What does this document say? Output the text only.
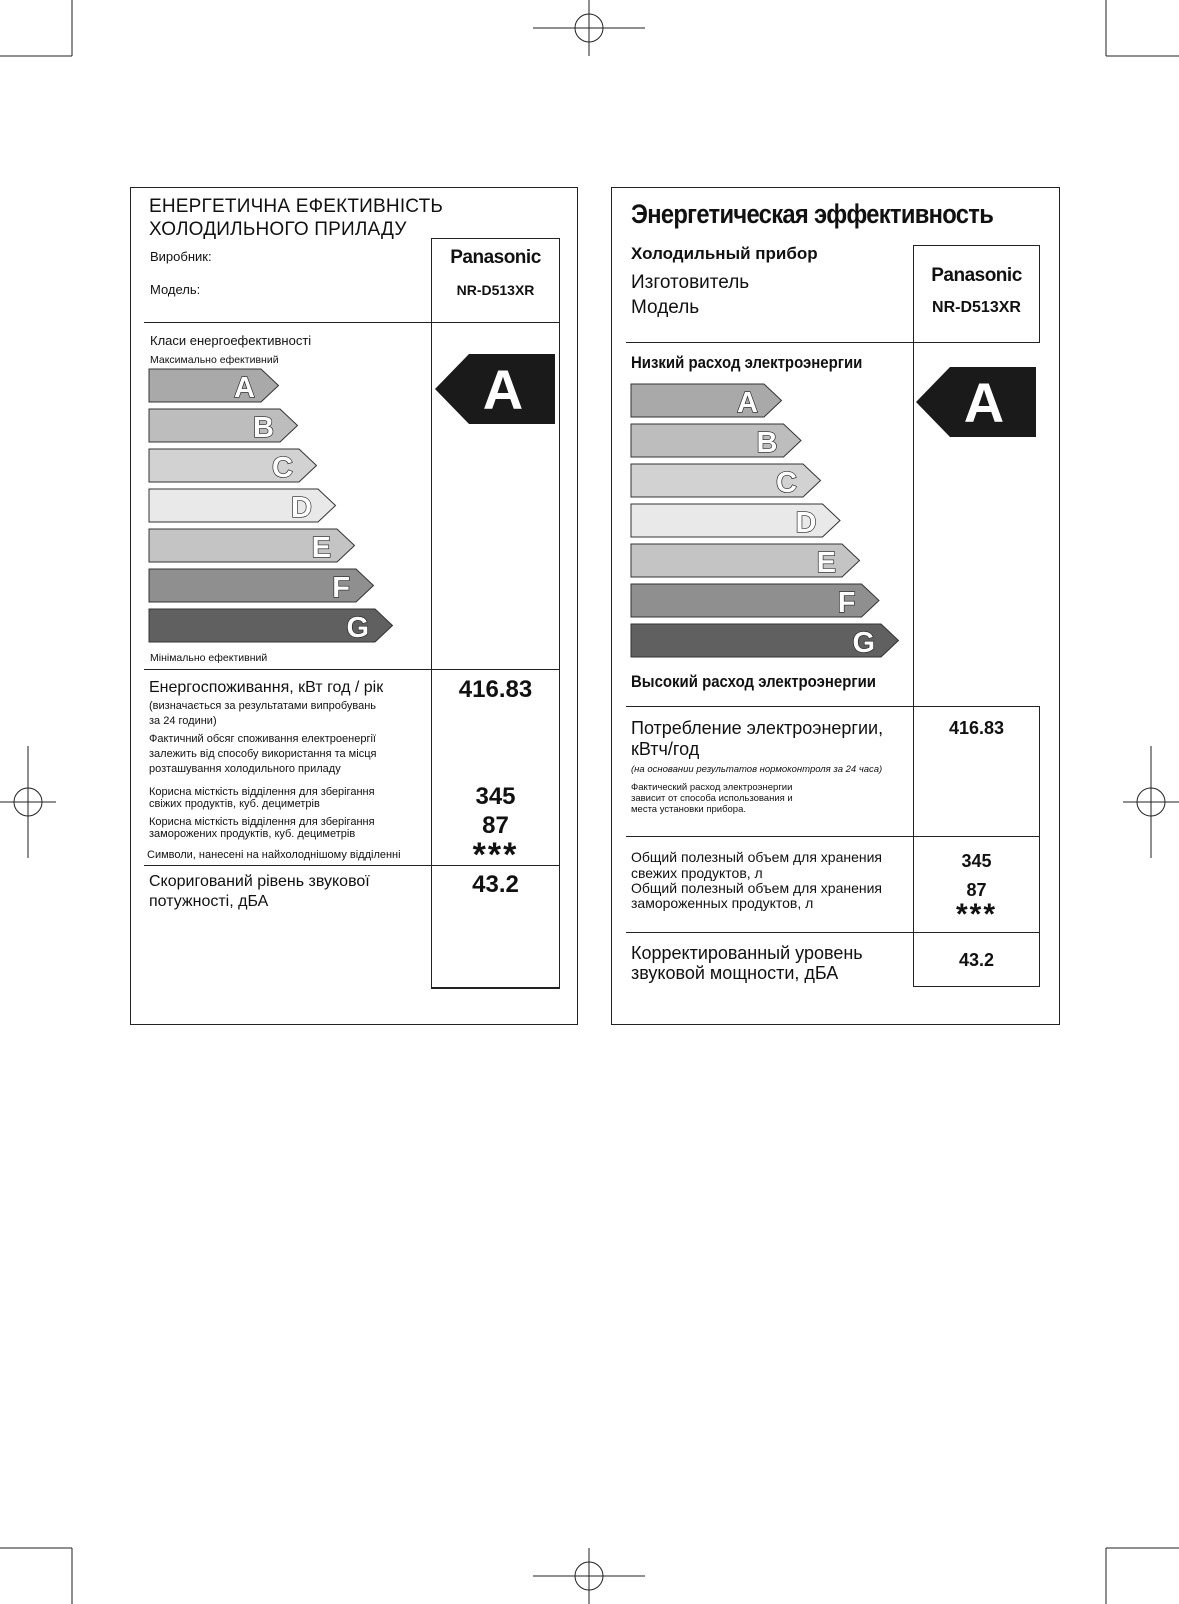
ЕНЕРГЕТИЧНА ЕФЕКТИВНІСТЬ
ХОЛОДИЛЬНОГО ПРИЛАДУ
Виробник:
Модель:
Panasonic
NR-D513XR
Класи енергоефективності
Максимально ефективний
A
B
C
D
E
F
G
Мінімально ефективний
A
Енергоспоживання, кВт год / рік
(визначається за результатами випробувань
за 24 години)
Фактичний обсяг споживання електроенергії
залежить від способу використання та місця
розташування холодильного приладу
416.83
Корисна місткість відділення для зберігання
свіжих продуктів, куб. дециметрів
Корисна місткість відділення для зберігання
заморожених продуктів, куб. дециметрів
Символи, нанесені на найхолоднішому відділенні
345
87
***
Скоригований рівень звукової
потужності, дБА
43.2
Энергетическая эффективность
Холодильный прибор
Изготовитель
Модель
Panasonic
NR-D513XR
Низкий расход электроэнергии
A
B
C
D
E
F
G
Высокий расход электроэнергии
A
Потребление электроэнергии,
кВтч/год
(на основании результатов нормоконтроля за 24 часа)
Фактический расход электроэнергии
зависит от способа использования и
места установки прибора.
416.83
Общий полезный объем для хранения
свежих продуктов, л
Общий полезный объем для хранения
замороженных продуктов, л
345
87
***
Корректированный уровень
звуковой мощности, дБА
43.2
